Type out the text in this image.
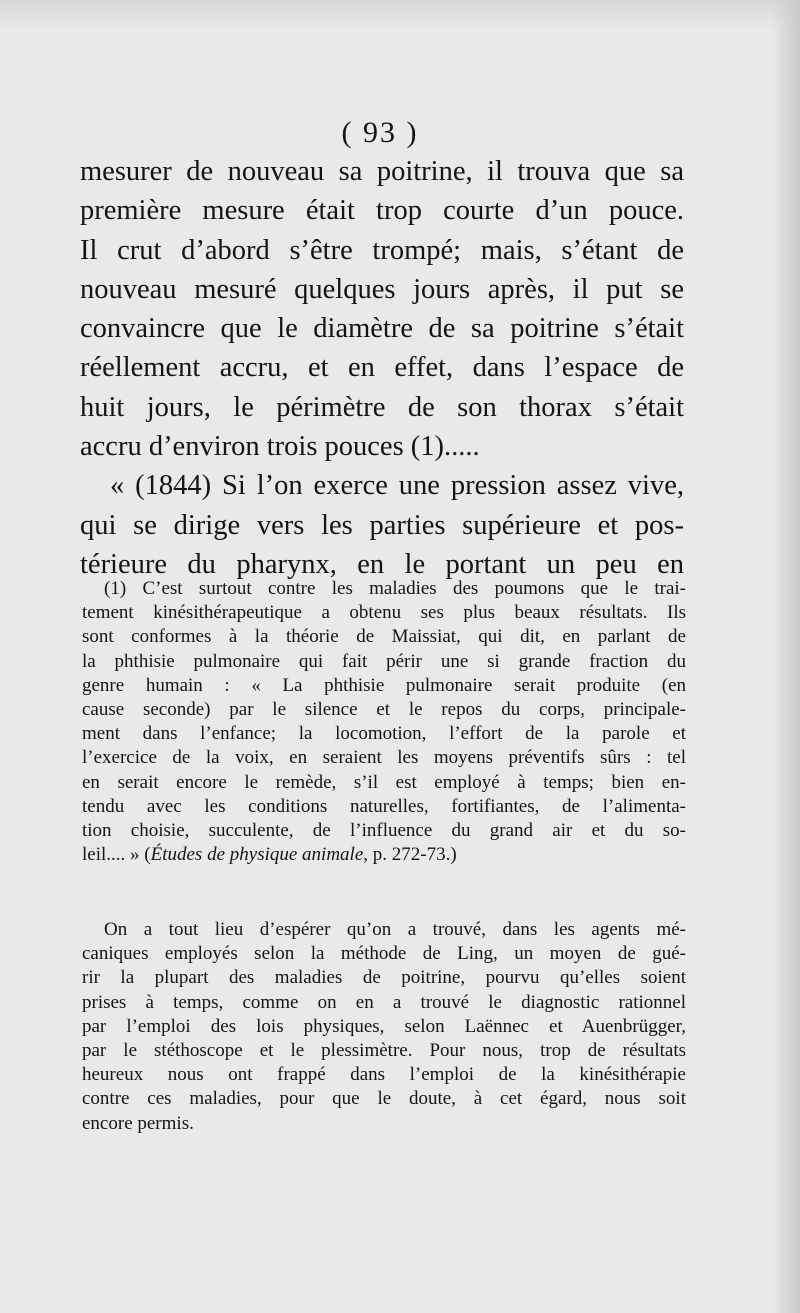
( 93 )
mesurer de nouveau sa poitrine, il trouva que sa
première mesure était trop courte d’un pouce.
Il crut d’abord s’être trompé; mais, s’étant de
nouveau mesuré quelques jours après, il put se
convaincre que le diamètre de sa poitrine s’était
réellement accru, et en effet, dans l’espace de
huit jours, le périmètre de son thorax s’était
accru d’environ trois pouces (1).....
« (1844) Si l’on exerce une pression assez vive,
qui se dirige vers les parties supérieure et pos-
térieure du pharynx, en le portant un peu en
(1) C’est surtout contre les maladies des poumons que le trai-
tement kinésithérapeutique a obtenu ses plus beaux résultats. Ils
sont conformes à la théorie de Maissiat, qui dit, en parlant de
la phthisie pulmonaire qui fait périr une si grande fraction du
genre humain : « La phthisie pulmonaire serait produite (en
cause seconde) par le silence et le repos du corps, principale-
ment dans l’enfance; la locomotion, l’effort de la parole et
l’exercice de la voix, en seraient les moyens préventifs sûrs : tel
en serait encore le remède, s’il est employé à temps; bien en-
tendu avec les conditions naturelles, fortifiantes, de l’alimenta-
tion choisie, succulente, de l’influence du grand air et du so-
leil.... » (Études de physique animale, p. 272-73.)
On a tout lieu d’espérer qu’on a trouvé, dans les agents mé-
caniques employés selon la méthode de Ling, un moyen de gué-
rir la plupart des maladies de poitrine, pourvu qu’elles soient
prises à temps, comme on en a trouvé le diagnostic rationnel
par l’emploi des lois physiques, selon Laënnec et Auenbrügger,
par le stéthoscope et le plessimètre. Pour nous, trop de résultats
heureux nous ont frappé dans l’emploi de la kinésithérapie
contre ces maladies, pour que le doute, à cet égard, nous soit
encore permis.
